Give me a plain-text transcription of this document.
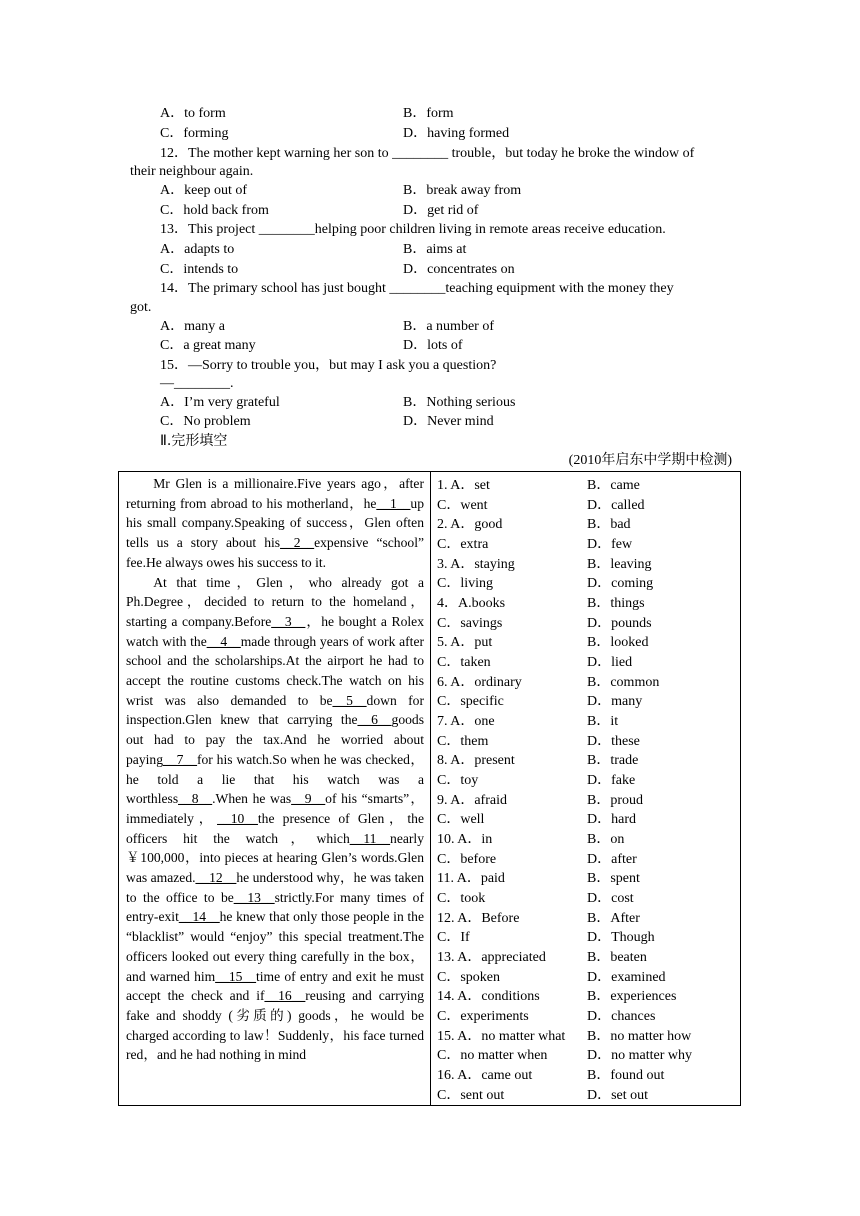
A．to form	B．form
C．forming	D．having formed
12．The mother kept warning her son to ________ trouble，but today he broke the window of
their neighbour again.
A．keep out of	B．break away from
C．hold back from	D．get rid of
13．This project ________helping poor children living in remote areas receive education.
A．adapts to	B．aims at
C．intends to	D．concentrates on
14．The primary school has just bought ________teaching equipment with the money they
got.
A．many a	B．a number of
C．a great many	D．lots of
15．—Sorry to trouble you，but may I ask you a question?
—________.
A．I’m very grateful	B．Nothing serious
C．No problem	D．Never mind
Ⅱ.完形填空
(2010年启东中学期中检测)

Mr Glen is a millionaire.Five years ago，after returning from abroad to his motherland，he__1__up his small company.Speaking of success，Glen often tells us a story about his__2__expensive “school” fee.He always owes his success to it.

At that time，Glen，who already got a Ph.Degree，decided to return to the homeland，starting a company.Before__3__，he bought a Rolex watch with the__4__made through years of work after school and the scholarships.At the airport he had to accept the routine customs check.The watch on his wrist was also demanded to be__5__down for inspection.Glen knew that carrying the__6__goods out had to pay the tax.And he worried about paying__7__for his watch.So when he was checked，he told a lie that his watch was a worthless__8__.When he was__9__of his “smarts”，immediately，__10__the presence of Glen，the officers hit the watch，which__11__nearly ￥100,000，into pieces at hearing Glen’s words.Glen was amazed.__12__he understood why，he was taken to the office to be__13__strictly.For many times of entry-exit__14__he knew that only those people in the “blacklist” would “enjoy” this special treatment.The officers looked out every thing carefully in the box，and warned him__15__time of entry and exit he must accept the check and if__16__reusing and carrying fake and shoddy (劣质的) goods，he would be charged according to law！Suddenly，his face turned red，and he had nothing in mind

1. A．set	B．came
C．went	D．called
2. A．good	B．bad
C．extra	D．few
3. A．staying	B．leaving
C．living	D．coming
4．A.books	B．things
C．savings	D．pounds
5. A．put	B．looked
C．taken	D．lied
6. A．ordinary	B．common
C．specific	D．many
7. A．one	B．it
C．them	D．these
8. A．present	B．trade
C．toy	D．fake
9. A．afraid	B．proud
C．well	D．hard
10. A．in	B．on
C．before	D．after
11. A．paid	B．spent
C．took	D．cost
12. A．Before	B．After
C．If	D．Though
13. A．appreciated	B．beaten
C．spoken	D．examined
14. A．conditions	B．experiences
C．experiments	D．chances
15. A．no matter what B．no matter how
C．no matter when	D．no matter why
16. A．came out	B．found out
C．sent out	D．set out
